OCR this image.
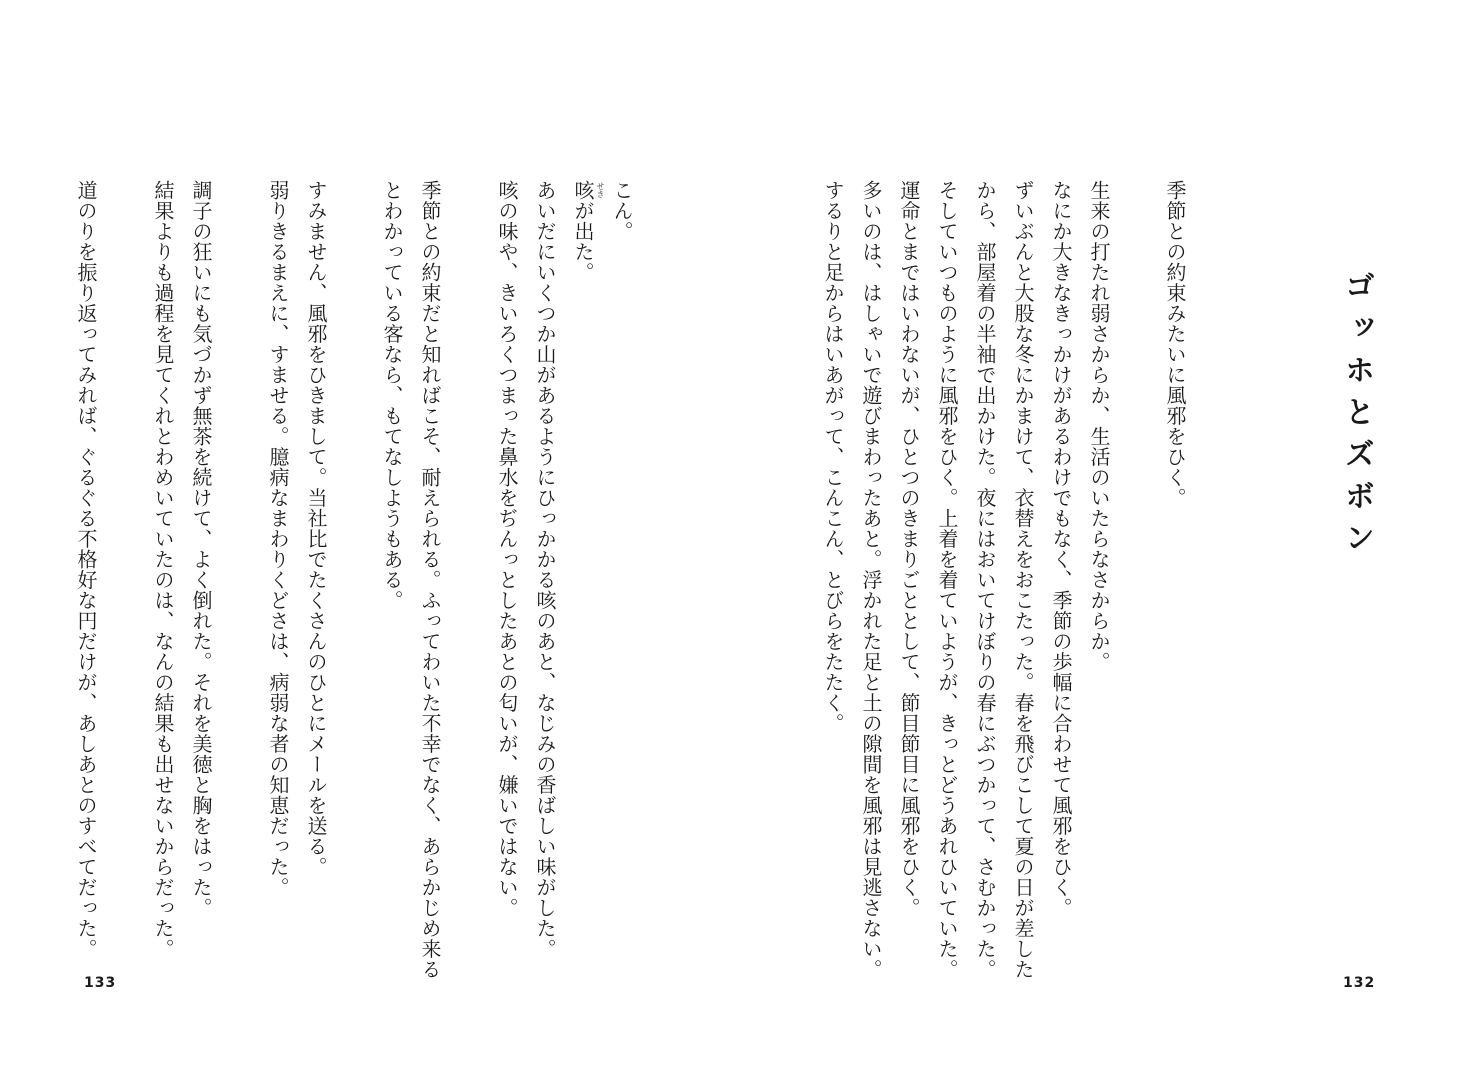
こん。
咳が出た。 せき
あいだにいくつか山があるようにひっかかる咳のあと、なじみの香ばしい味がした。
咳の味や、きいろくつまった鼻水をぢんっとしたあとの匂いが、嫌いではない。
季節との約束だと知ればこそ、耐えられる。ふってわいた不幸でなく、あらかじめ来る
とわかっている客なら、もてなしようもある。
すみません、風邪をひきまして。当社比でたくさんのひとにメールを送る。
弱りきるまえに、すませる。臆病なまわりくどさは、病弱な者の知恵だった。
調子の狂いにも気づかず無茶を続けて、よく倒れた。それを美徳と胸をはった。
結果よりも過程を見てくれとわめいていたのは、なんの結果も出せないからだった。
道のりを振り返ってみれば、ぐるぐる不格好な円だけが、あしあとのすべてだった。
133
ゴッホとズボン
季節との約束みたいに風邪をひく。
生来の打たれ弱さからか、生活のいたらなさからか。
なにか大きなきっかけがあるわけでもなく、季節の歩幅に合わせて風邪をひく。
ずいぶんと大股な冬にかまけて、衣替えをおこたった。春を飛びこして夏の日が差した
から、部屋着の半袖で出かけた。夜にはおいてけぼりの春にぶつかって、さむかった。
そしていつものように風邪をひく。上着を着ていようが、きっとどうあれひいていた。
運命とまではいわないが、ひとつのきまりごととして、節目節目に風邪をひく。
多いのは、はしゃいで遊びまわったあと。浮かれた足と土の隙間を風邪は見逃さない。
するりと足からはいあがって、こんこん、とびらをたたく。
132
